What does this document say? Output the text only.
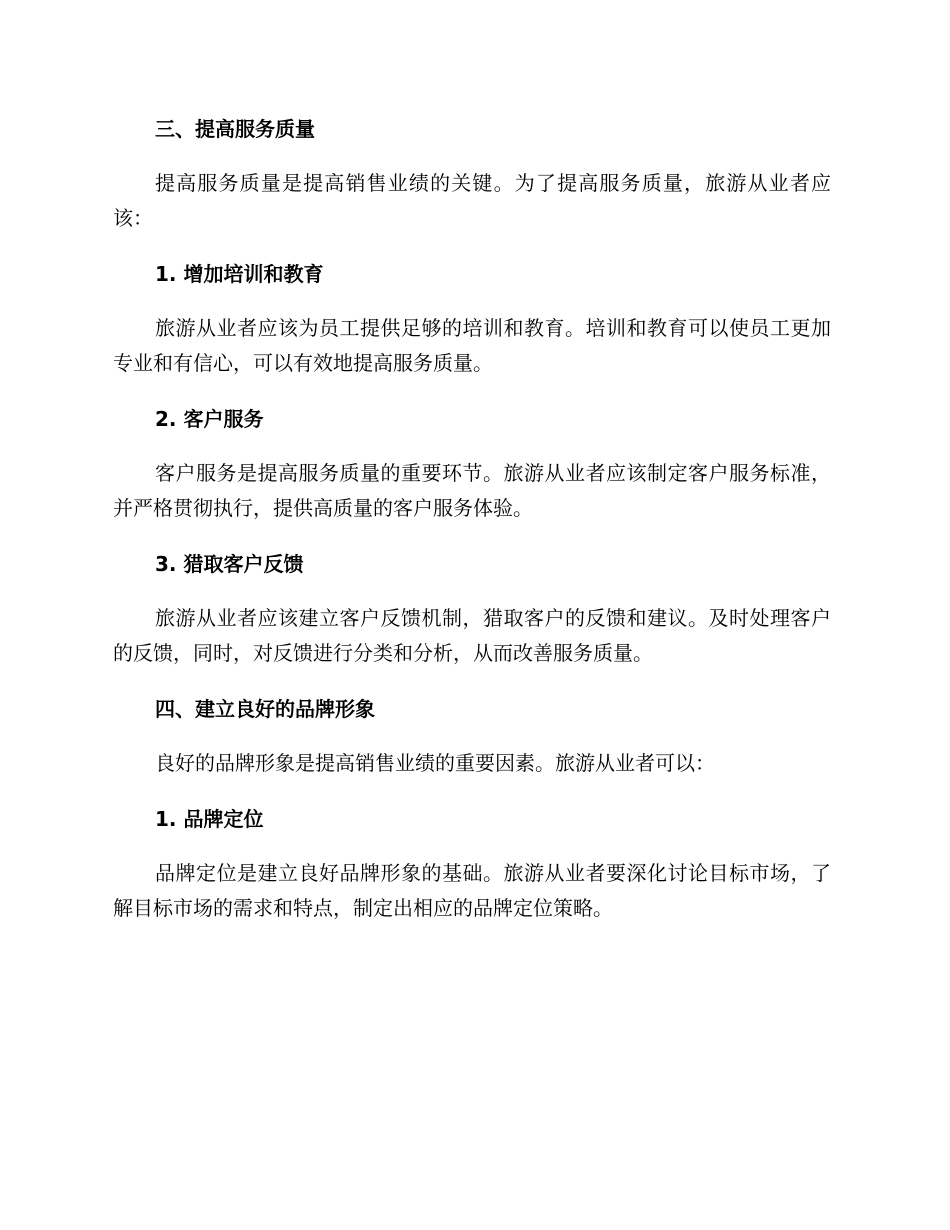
三、提高服务质量

提高服务质量是提高销售业绩的关键。为了提高服务质量，旅游从业者应该：

1. 增加培训和教育

旅游从业者应该为员工提供足够的培训和教育。培训和教育可以使员工更加专业和有信心，可以有效地提高服务质量。

2. 客户服务

客户服务是提高服务质量的重要环节。旅游从业者应该制定客户服务标准，并严格贯彻执行，提供高质量的客户服务体验。

3. 猎取客户反馈

旅游从业者应该建立客户反馈机制，猎取客户的反馈和建议。及时处理客户的反馈，同时，对反馈进行分类和分析，从而改善服务质量。

四、建立良好的品牌形象

良好的品牌形象是提高销售业绩的重要因素。旅游从业者可以：

1. 品牌定位

品牌定位是建立良好品牌形象的基础。旅游从业者要深化讨论目标市场，了解目标市场的需求和特点，制定出相应的品牌定位策略。
